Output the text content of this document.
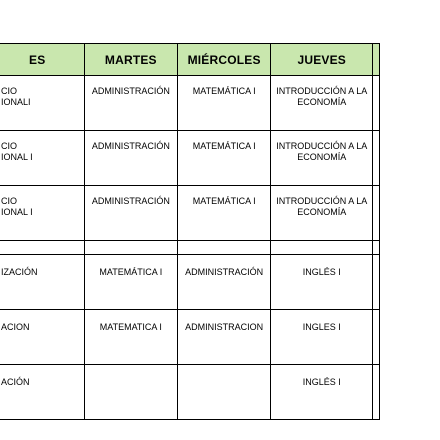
ES	MARTES	MIÉRCOLES	JUEVES	

CIO
IONALI	ADMINISTRACIÓN	MATEMÁTICA I	INTRODUCCIÓN A LA
ECONOMÍA	

CIO
IONAL I	ADMINISTRACIÓN	MATEMÁTICA I	INTRODUCCIÓN A LA
ECONOMÍA	

CIO
IONAL I	ADMINISTRACIÓN	MATEMÁTICA I	INTRODUCCIÓN A LA
ECONOMÍA	

IZACIÓN	MATEMÁTICA I	ADMINISTRACIÓN	INGLÉS I	

ACION	MATEMATICA I	ADMINISTRACION	INGLES I	

ACIÓN			INGLÉS I	
